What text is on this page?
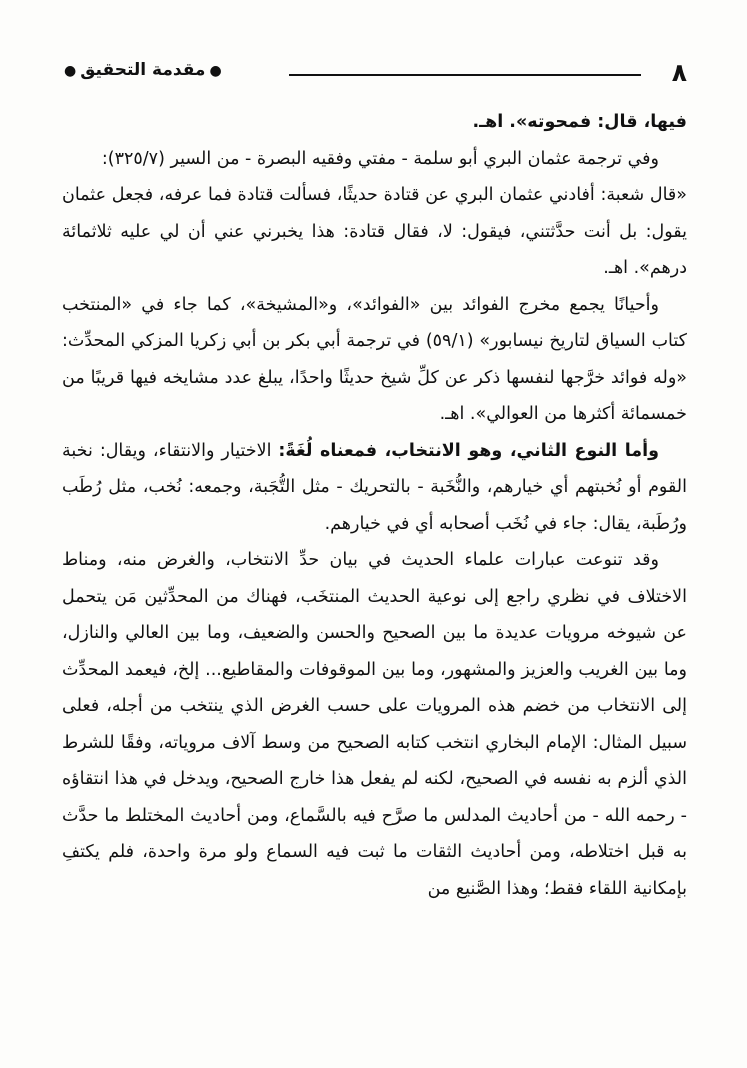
٨
●مقدمة التحقيق●

فيها، قال: فمحوته». اهـ.

وفي ترجمة عثمان البري أبو سلمة - مفتي وفقيه البصرة - من السير (٣٢٥/٧):

«قال شعبة: أفادني عثمان البري عن قتادة حديثًا، فسألت قتادة فما عرفه، فجعل عثمان يقول: بل أنت حدَّثتني، فيقول: لا، فقال قتادة: هذا يخبرني عني أن لي عليه ثلاثمائة درهم». اهـ.

وأحيانًا يجمع مخرج الفوائد بين «الفوائد»، و«المشيخة»، كما جاء في «المنتخب كتاب السياق لتاريخ نيسابور» (٥٩/١) في ترجمة أبي بكر بن أبي زكريا المزكي المحدِّث: «وله فوائد خرَّجها لنفسها ذكر عن كلِّ شيخ حديثًا واحدًا، يبلغ عدد مشايخه فيها قريبًا من خمسمائة أكثرها من العوالي». اهـ.

وأما النوع الثاني، وهو الانتخاب، فمعناه لُغَةً: الاختيار والانتقاء، ويقال: نخبة القوم أو نُخبتهم أي خيارهم، والنُّخَبة - بالتحريك - مثل التُّجَبة، وجمعه: نُخب، مثل رُطَب ورُطَبة، يقال: جاء في نُخَب أصحابه أي في خيارهم.

وقد تنوعت عبارات علماء الحديث في بيان حدِّ الانتخاب، والغرض منه، ومناط الاختلاف في نظري راجع إلى نوعية الحديث المنتخَب، فهناك من المحدِّثين مَن يتحمل عن شيوخه مرويات عديدة ما بين الصحيح والحسن والضعيف، وما بين العالي والنازل، وما بين الغريب والعزيز والمشهور، وما بين الموقوفات والمقاطيع... إلخ، فيعمد المحدِّث إلى الانتخاب من خضم هذه المرويات على حسب الغرض الذي ينتخب من أجله، فعلى سبيل المثال: الإمام البخاري انتخب كتابه الصحيح من وسط آلاف مروياته، وفقًا للشرط الذي ألزم به نفسه في الصحيح، لكنه لم يفعل هذا خارج الصحيح، ويدخل في هذا انتقاؤه - رحمه الله - من أحاديث المدلس ما صرَّح فيه بالسَّماع، ومن أحاديث المختلط ما حدَّث به قبل اختلاطه، ومن أحاديث الثقات ما ثبت فيه السماع ولو مرة واحدة، فلم يكتفِ بإمكانية اللقاء فقط؛ وهذا الصَّنيع من
